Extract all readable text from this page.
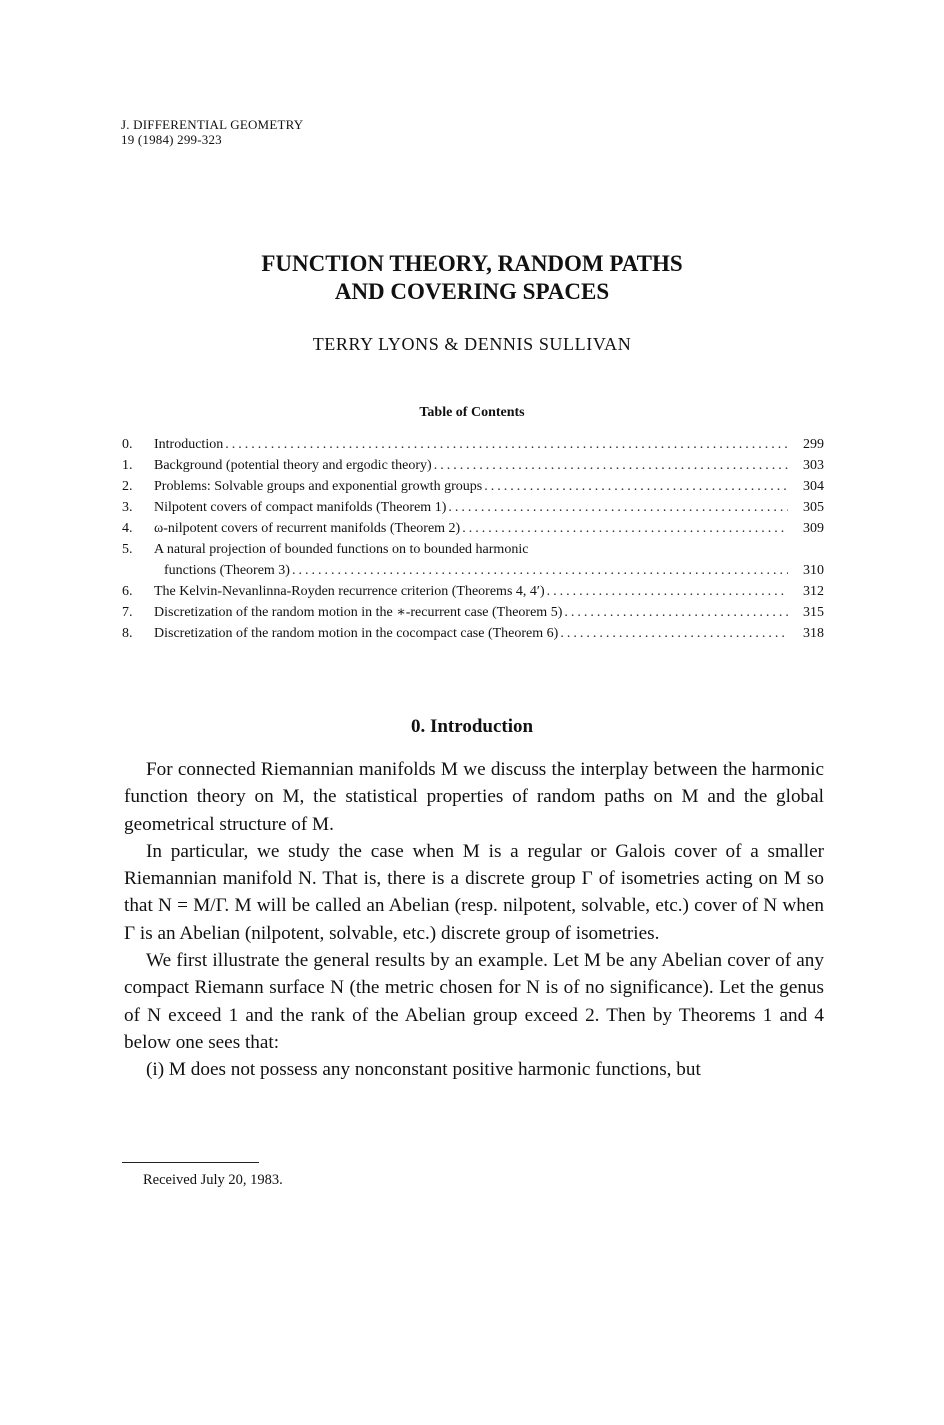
J. DIFFERENTIAL GEOMETRY
19 (1984) 299-323
FUNCTION THEORY, RANDOM PATHS
AND COVERING SPACES
TERRY LYONS & DENNIS SULLIVAN
Table of Contents
0.	Introduction .....	299
1.	Background (potential theory and ergodic theory) .....	303
2.	Problems: Solvable groups and exponential growth groups .....	304
3.	Nilpotent covers of compact manifolds (Theorem 1) .....	305
4.	ω-nilpotent covers of recurrent manifolds (Theorem 2) .....	309
5.	A natural projection of bounded functions on to bounded harmonic
functions (Theorem 3) .....	310
6.	The Kelvin-Nevanlinna-Royden recurrence criterion (Theorems 4, 4′) .....	312
7.	Discretization of the random motion in the ∗-recurrent case (Theorem 5) .....	315
8.	Discretization of the random motion in the cocompact case (Theorem 6) .....	318
0. Introduction

For connected Riemannian manifolds M we discuss the interplay between the harmonic function theory on M, the statistical properties of random paths on M and the global geometrical structure of M.

In particular, we study the case when M is a regular or Galois cover of a smaller Riemannian manifold N. That is, there is a discrete group Γ of isometries acting on M so that N = M/Γ. M will be called an Abelian (resp. nilpotent, solvable, etc.) cover of N when Γ is an Abelian (nilpotent, solvable, etc.) discrete group of isometries.

We first illustrate the general results by an example. Let M be any Abelian cover of any compact Riemann surface N (the metric chosen for N is of no significance). Let the genus of N exceed 1 and the rank of the Abelian group exceed 2. Then by Theorems 1 and 4 below one sees that:

(i) M does not possess any nonconstant positive harmonic functions, but

Received July 20, 1983.
